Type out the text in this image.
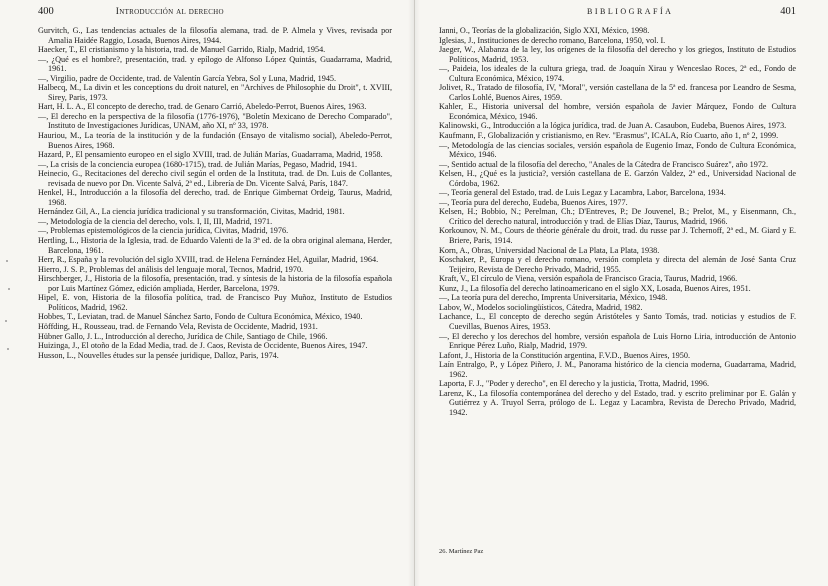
400	Introducción al derecho
Gurvitch, G., Las tendencias actuales de la filosofía alemana, trad. de P. Almela y Vives, revisada por Amalia Haidée Raggio, Losada, Buenos Aires, 1944.
Haecker, T., El cristianismo y la historia, trad. de Manuel Garrido, Rialp, Madrid, 1954.
—, ¿Qué es el hombre?, presentación, trad. y epílogo de Alfonso López Quintás, Guadarrama, Madrid, 1961.
—, Virgilio, padre de Occidente, trad. de Valentín García Yebra, Sol y Luna, Madrid, 1945.
Halbecq, M., La divin et les conceptions du droit naturel, en "Archives de Philosophie du Droit", t. XVIII, Sirey, Paris, 1973.
Hart, H. L. A., El concepto de derecho, trad. de Genaro Carrió, Abeledo-Perrot, Buenos Aires, 1963.
—, El derecho en la perspectiva de la filosofía (1776-1976), "Boletín Mexicano de Derecho Comparado", Instituto de Investigaciones Jurídicas, UNAM, año XI, nº 33, 1978.
Hauriou, M., La teoría de la institución y de la fundación (Ensayo de vitalismo social), Abeledo-Perrot, Buenos Aires, 1968.
Hazard, P., El pensamiento europeo en el siglo XVIII, trad. de Julián Marías, Guadarrama, Madrid, 1958.
—, La crisis de la conciencia europea (1680-1715), trad. de Julián Marías, Pegaso, Madrid, 1941.
Heinecio, G., Recitaciones del derecho civil según el orden de la Instituta, trad. de Dn. Luis de Collantes, revisada de nuevo por Dn. Vicente Salvá, 2ª ed., Librería de Dn. Vicente Salvá, París, 1847.
Henkel, H., Introducción a la filosofía del derecho, trad. de Enrique Gimbernat Ordeig, Taurus, Madrid, 1968.
Hernández Gil, A., La ciencia jurídica tradicional y su transformación, Civitas, Madrid, 1981.
—, Metodología de la ciencia del derecho, vols. I, II, III, Madrid, 1971.
—, Problemas epistemológicos de la ciencia jurídica, Civitas, Madrid, 1976.
Hertling, L., Historia de la Iglesia, trad. de Eduardo Valenti de la 3ª ed. de la obra original alemana, Herder, Barcelona, 1961.
Herr, R., España y la revolución del siglo XVIII, trad. de Helena Fernández Hel, Aguilar, Madrid, 1964.
Hierro, J. S. P., Problemas del análisis del lenguaje moral, Tecnos, Madrid, 1970.
Hirschberger, J., Historia de la filosofía, presentación, trad. y síntesis de la historia de la filosofía española por Luis Martínez Gómez, edición ampliada, Herder, Barcelona, 1979.
Hipel, E. von, Historia de la filosofía política, trad. de Francisco Puy Muñoz, Instituto de Estudios Políticos, Madrid, 1962.
Hobbes, T., Leviatan, trad. de Manuel Sánchez Sarto, Fondo de Cultura Económica, México, 1940.
Höffding, H., Rousseau, trad. de Fernando Vela, Revista de Occidente, Madrid, 1931.
Hübner Gallo, J. L., Introducción al derecho, Jurídica de Chile, Santiago de Chile, 1966.
Huizinga, J., El otoño de la Edad Media, trad. de J. Caos, Revista de Occidente, Buenos Aires, 1947.
Husson, L., Nouvelles études sur la pensée juridique, Dalloz, Paris, 1974.
BIBLIOGRAFÍA	401
Ianni, O., Teorías de la globalización, Siglo XXI, México, 1998.
Iglesias, J., Instituciones de derecho romano, Barcelona, 1950, vol. I.
Jaeger, W., Alabanza de la ley, los orígenes de la filosofía del derecho y los griegos, Instituto de Estudios Políticos, Madrid, 1953.
—, Paideia, los ideales de la cultura griega, trad. de Joaquín Xirau y Wenceslao Roces, 2ª ed., Fondo de Cultura Económica, México, 1974.
Jolivet, R., Tratado de filosofía, IV, "Moral", versión castellana de la 5ª ed. francesa por Leandro de Sesma, Carlos Lohlé, Buenos Aires, 1959.
Kahler, E., Historia universal del hombre, versión española de Javier Márquez, Fondo de Cultura Económica, México, 1946.
Kalinowski, G., Introducción a la lógica jurídica, trad. de Juan A. Casaubon, Eudeba, Buenos Aires, 1973.
Kaufmann, F., Globalización y cristianismo, en Rev. "Erasmus", ICALA, Río Cuarto, año 1, nº 2, 1999.
—, Metodología de las ciencias sociales, versión española de Eugenio Imaz, Fondo de Cultura Económica, México, 1946.
—, Sentido actual de la filosofía del derecho, "Anales de la Cátedra de Francisco Suárez", año 1972.
Kelsen, H., ¿Qué es la justicia?, versión castellana de E. Garzón Valdez, 2ª ed., Universidad Nacional de Córdoba, 1962.
—, Teoría general del Estado, trad. de Luis Legaz y Lacambra, Labor, Barcelona, 1934.
—, Teoría pura del derecho, Eudeba, Buenos Aires, 1977.
Kelsen, H.; Bobbio, N.; Perelman, Ch.; D'Entreves, P.; De Jouvenel, B.; Prelot, M., y Eisenmann, Ch., Crítico del derecho natural, introducción y trad. de Elías Díaz, Taurus, Madrid, 1966.
Korkounov, N. M., Cours de théorie générale du droit, trad. du russe par J. Tchernoff, 2ª ed., M. Giard y E. Briere, Paris, 1914.
Korn, A., Obras, Universidad Nacional de La Plata, La Plata, 1938.
Koschaker, P., Europa y el derecho romano, versión completa y directa del alemán de José Santa Cruz Teijeiro, Revista de Derecho Privado, Madrid, 1955.
Kraft, V., El círculo de Viena, versión española de Francisco Gracia, Taurus, Madrid, 1966.
Kunz, J., La filosofía del derecho latinoamericano en el siglo XX, Losada, Buenos Aires, 1951.
—, La teoría pura del derecho, Imprenta Universitaria, México, 1948.
Labov, W., Modelos sociolingüísticos, Cátedra, Madrid, 1982.
Lachance, L., El concepto de derecho según Aristóteles y Santo Tomás, trad. noticias y estudios de F. Cuevillas, Buenos Aires, 1953.
—, El derecho y los derechos del hombre, versión española de Luis Horno Liria, introducción de Antonio Enrique Pérez Luño, Rialp, Madrid, 1979.
Lafont, J., Historia de la Constitución argentina, F.V.D., Buenos Aires, 1950.
Laín Entralgo, P., y López Piñero, J. M., Panorama histórico de la ciencia moderna, Guadarrama, Madrid, 1962.
Laporta, F. J., "Poder y derecho", en El derecho y la justicia, Trotta, Madrid, 1996.
Larenz, K., La filosofía contemporánea del derecho y del Estado, trad. y escrito preliminar por E. Galán y Gutiérrez y A. Truyol Serra, prólogo de L. Legaz y Lacambra, Revista de Derecho Privado, Madrid, 1942.
26. Martínez Paz
